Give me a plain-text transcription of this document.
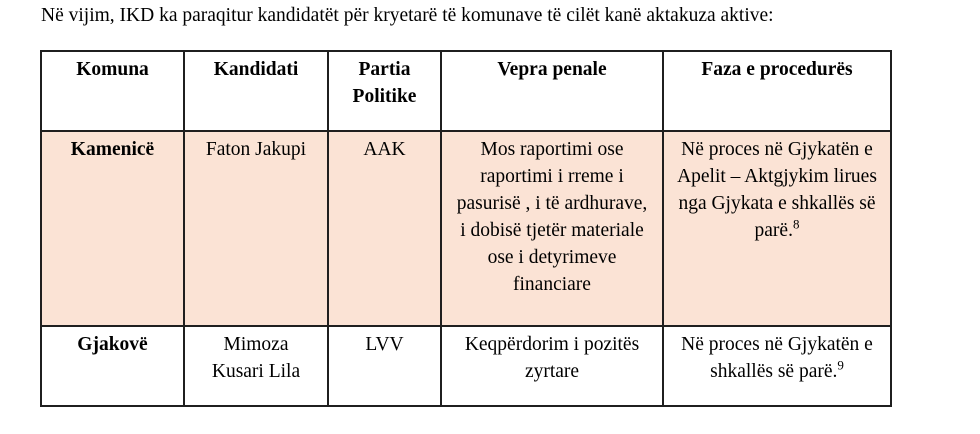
Në vijim, IKD ka paraqitur kandidatët për kryetarë të komunave të cilët kanë aktakuza aktive:

Komuna	Kandidati	Partia Politike	Vepra penale	Faza e procedurës
Kamenicë	Faton Jakupi	AAK	Mos raportimi ose raportimi i rreme i pasurisë , i të ardhurave, i dobisë tjetër materiale ose i detyrimeve financiare	Në proces në Gjykatën e Apelit – Aktgjykim lirues nga Gjykata e shkallës së parë.$^8$
Gjakovë	Mimoza Kusari Lila	LVV	Keqpërdorim i pozitës zyrtare	Në proces në Gjykatën e shkallës së parë.$^9$
